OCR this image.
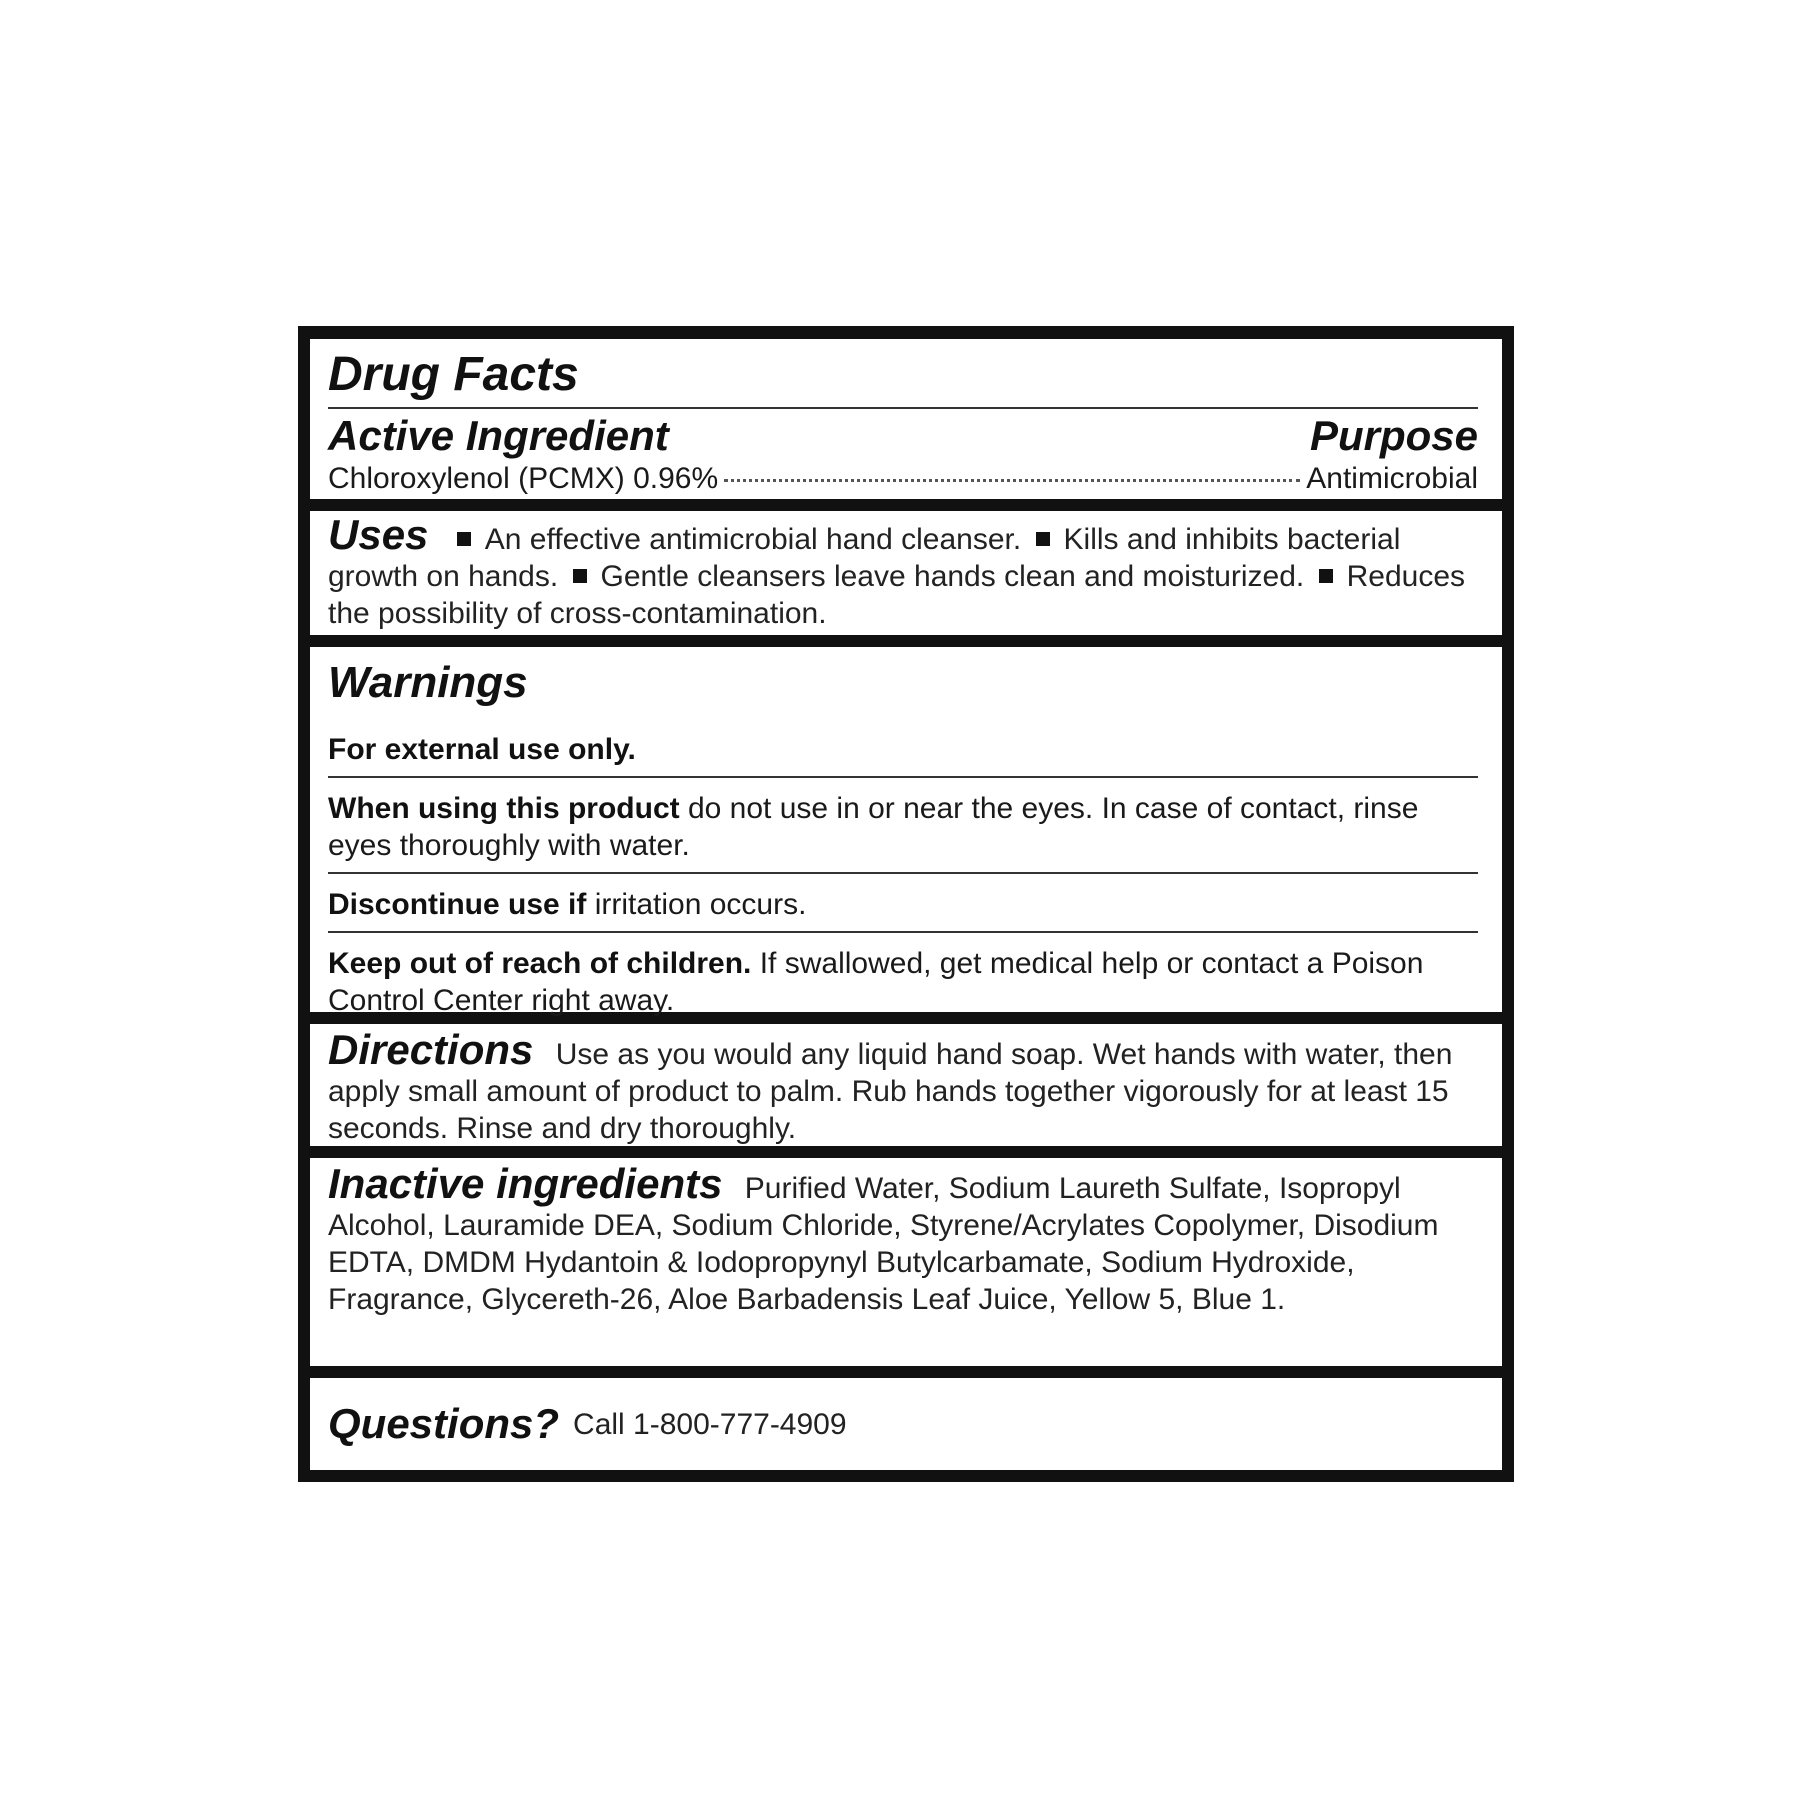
Drug Facts
Active Ingredient	Purpose
Chloroxylenol (PCMX) 0.96%	Antimicrobial
Uses An effective antimicrobial hand cleanser. Kills and inhibits bacterial growth on hands. Gentle cleansers leave hands clean and moisturized. Reduces the possibility of cross-contamination.
Warnings
For external use only.
When using this product do not use in or near the eyes. In case of contact, rinse eyes thoroughly with water.
Discontinue use if irritation occurs.
Keep out of reach of children. If swallowed, get medical help or contact a Poison Control Center right away.
Directions Use as you would any liquid hand soap. Wet hands with water, then apply small amount of product to palm. Rub hands together vigorously for at least 15 seconds. Rinse and dry thoroughly.
Inactive ingredients Purified Water, Sodium Laureth Sulfate, Isopropyl Alcohol, Lauramide DEA, Sodium Chloride, Styrene/Acrylates Copolymer, Disodium EDTA, DMDM Hydantoin & Iodopropynyl Butylcarbamate, Sodium Hydroxide, Fragrance, Glycereth-26, Aloe Barbadensis Leaf Juice, Yellow 5, Blue 1.
Questions? Call 1-800-777-4909
